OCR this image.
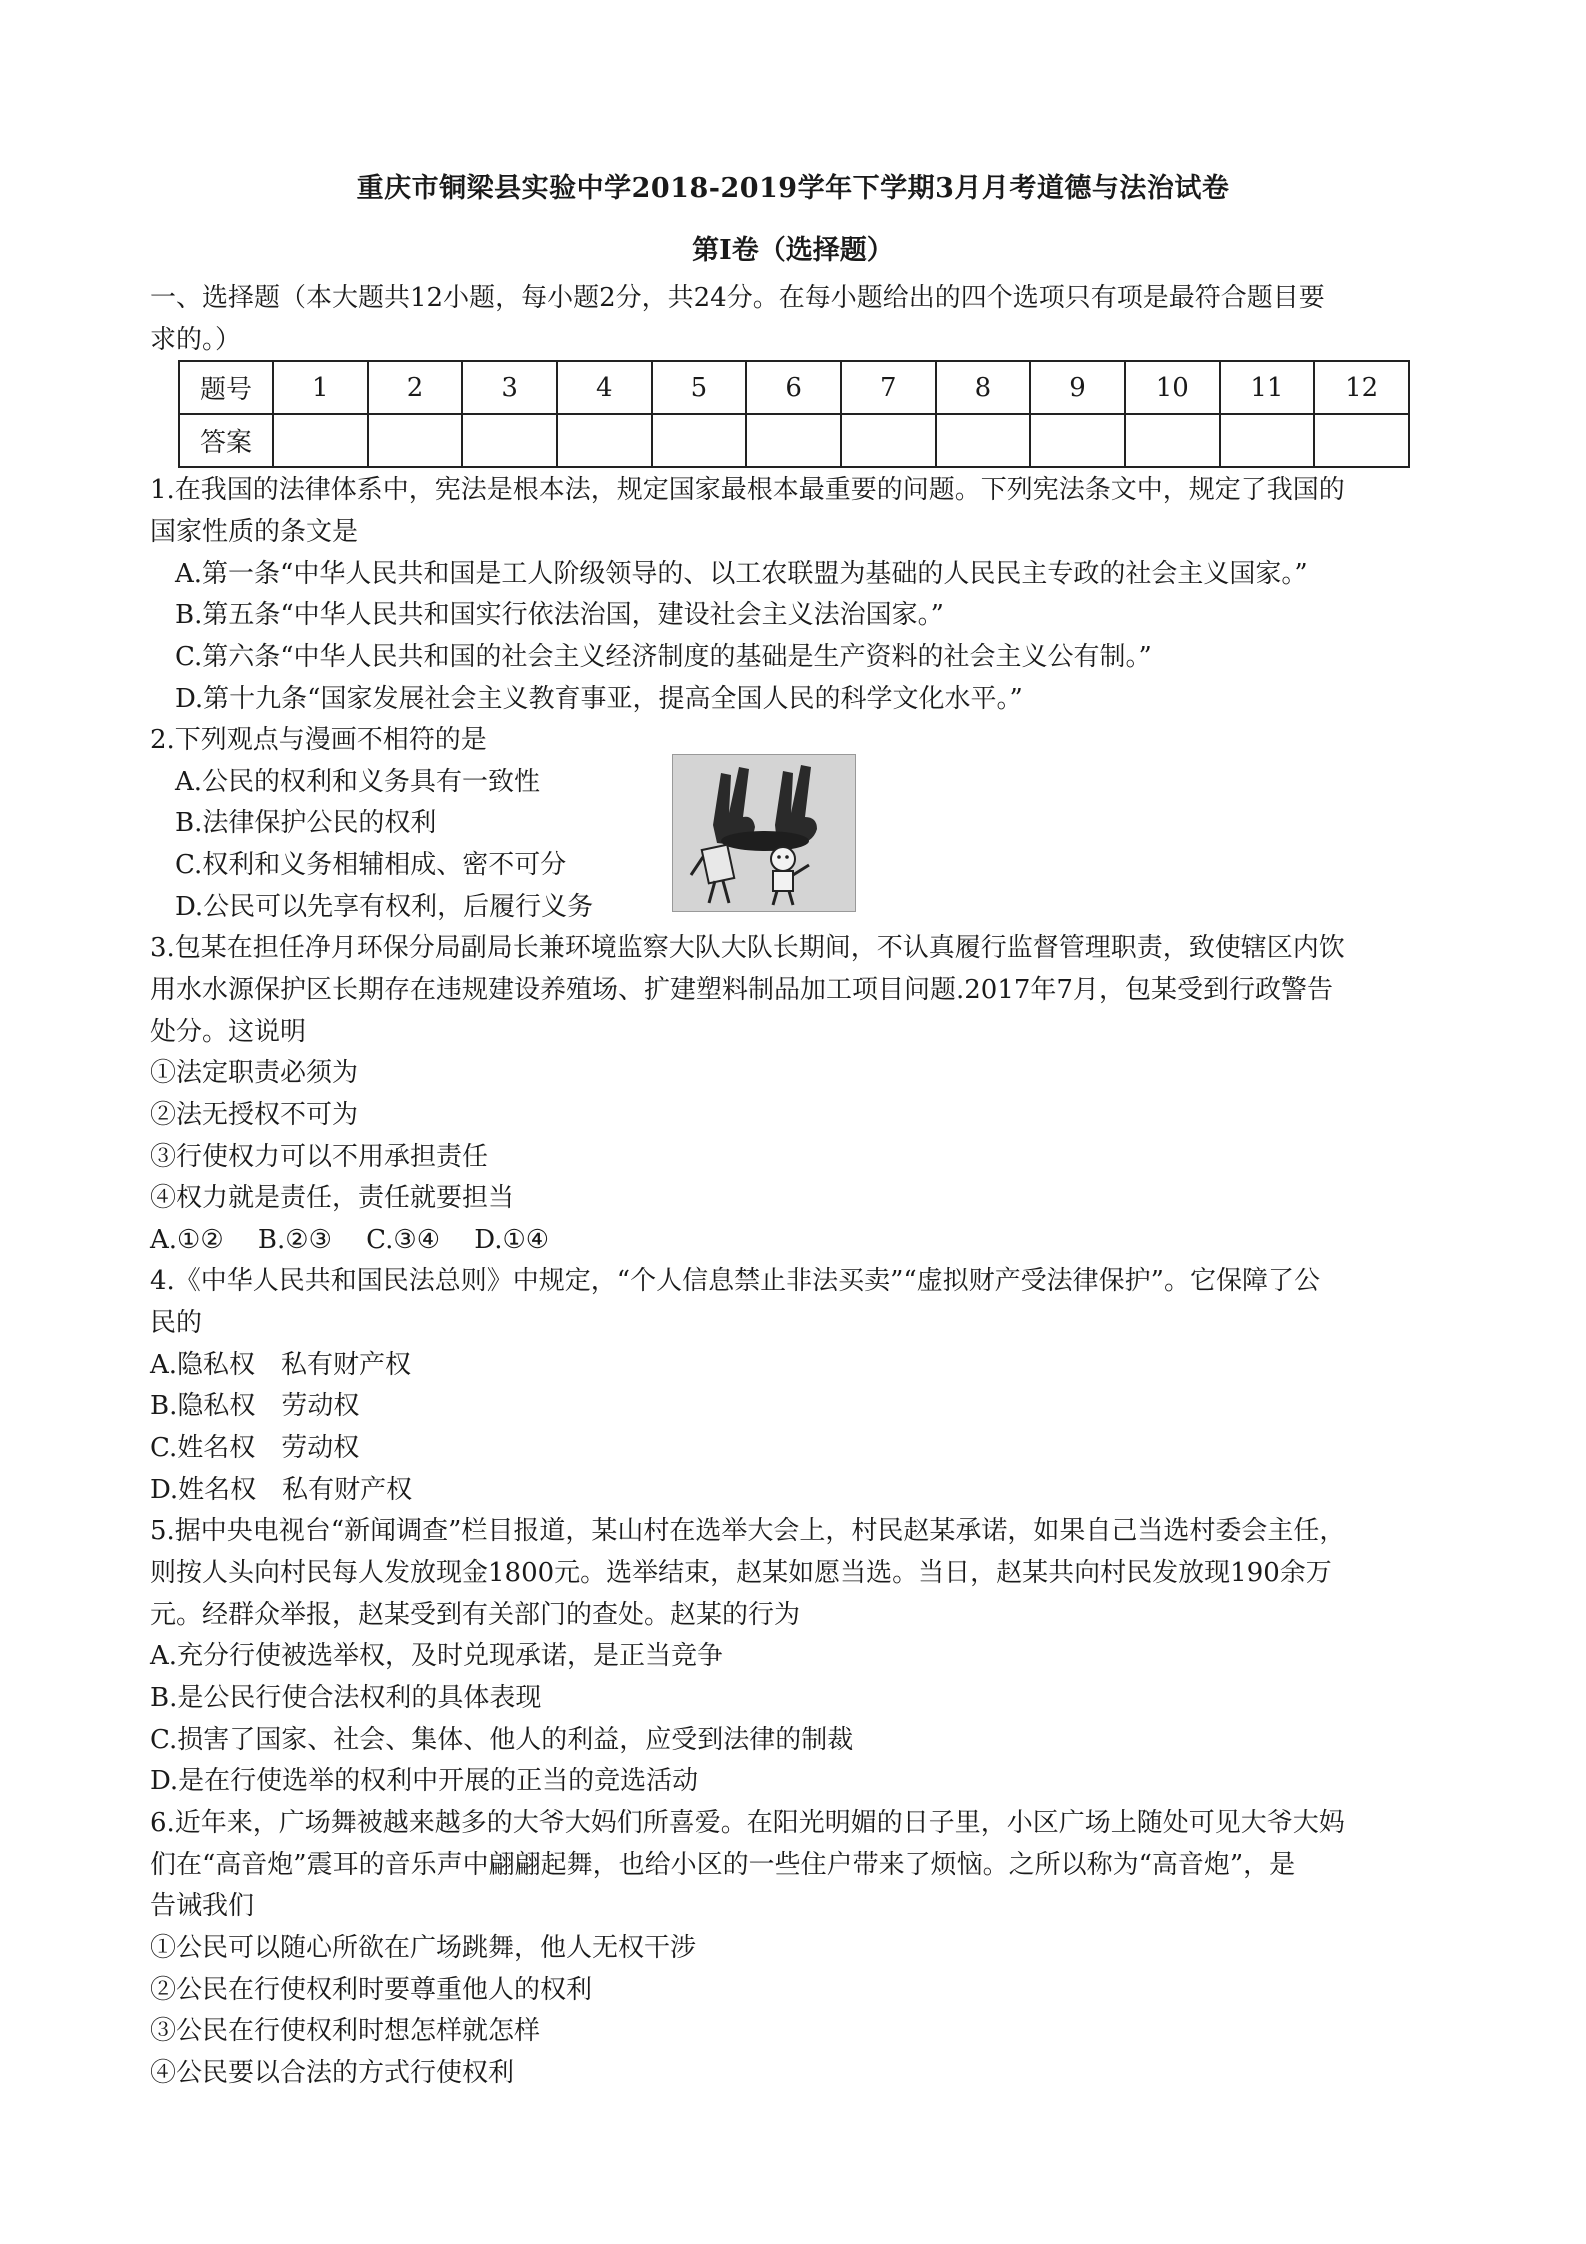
重庆市铜梁县实验中学2018-2019学年下学期3月月考道德与法治试卷
第Ⅰ卷（选择题）
一、选择题（本大题共12小题，每小题2分，共24分。在每小题给出的四个选项只有项是最符合题目要
求的。）
题号	1	2	3	4	5	6	7	8	9	10	11	12
答案												
1.在我国的法律体系中，宪法是根本法，规定国家最根本最重要的问题。下列宪法条文中，规定了我国的
国家性质的条文是
A.第一条“中华人民共和国是工人阶级领导的、以工农联盟为基础的人民民主专政的社会主义国家。”
B.第五条“中华人民共和国实行依法治国，建设社会主义法治国家。”
C.第六条“中华人民共和国的社会主义经济制度的基础是生产资料的社会主义公有制。”
D.第十九条“国家发展社会主义教育事亚，提高全国人民的科学文化水平。”
2.下列观点与漫画不相符的是
A.公民的权利和义务具有一致性
B.法律保护公民的权利
C.权利和义务相辅相成、密不可分
D.公民可以先享有权利，后履行义务
3.包某在担任净月环保分局副局长兼环境监察大队大队长期间，不认真履行监督管理职责，致使辖区内饮
用水水源保护区长期存在违规建设养殖场、扩建塑料制品加工项目问题.2017年7月，包某受到行政警告
处分。这说明
①法定职责必须为
②法无授权不可为
③行使权力可以不用承担责任
④权力就是责任，责任就要担当
A.①②　 B.②③　 C.③④　 D.①④
4.《中华人民共和国民法总则》中规定，“个人信息禁止非法买卖”“虚拟财产受法律保护”。它保障了公
民的
A.隐私权　私有财产权
B.隐私权　劳动权
C.姓名权　劳动权
D.姓名权　私有财产权
5.据中央电视台“新闻调查”栏目报道，某山村在选举大会上，村民赵某承诺，如果自己当选村委会主任，
则按人头向村民每人发放现金1800元。选举结束，赵某如愿当选。当日，赵某共向村民发放现190余万
元。经群众举报，赵某受到有关部门的查处。赵某的行为
A.充分行使被选举权，及时兑现承诺，是正当竞争
B.是公民行使合法权利的具体表现
C.损害了国家、社会、集体、他人的利益，应受到法律的制裁
D.是在行使选举的权利中开展的正当的竞选活动
6.近年来，广场舞被越来越多的大爷大妈们所喜爱。在阳光明媚的日子里，小区广场上随处可见大爷大妈
们在“高音炮”震耳的音乐声中翩翩起舞，也给小区的一些住户带来了烦恼。之所以称为“高音炮”，是
告诫我们
①公民可以随心所欲在广场跳舞，他人无权干涉
②公民在行使权利时要尊重他人的权利
③公民在行使权利时想怎样就怎样
④公民要以合法的方式行使权利
